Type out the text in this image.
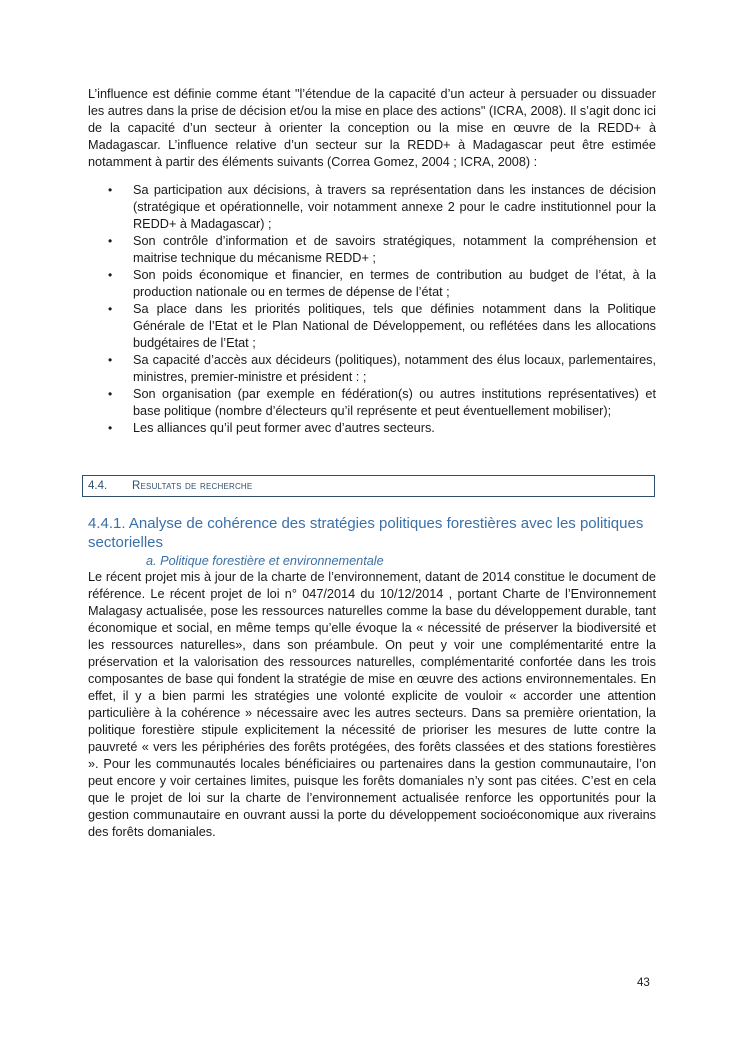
L’influence est définie comme étant "l’étendue de la capacité d’un acteur à persuader ou dissuader les autres dans la prise de décision et/ou la mise en place des actions" (ICRA, 2008). Il s’agit donc ici de la capacité d’un secteur à orienter la conception ou la mise en œuvre de la REDD+ à Madagascar. L’influence relative d’un secteur sur la REDD+ à Madagascar peut être estimée notamment à partir des éléments suivants (Correa Gomez, 2004 ; ICRA, 2008) :

• Sa participation aux décisions, à travers sa représentation dans les instances de décision (stratégique et opérationnelle, voir notamment annexe 2 pour le cadre institutionnel pour la REDD+ à Madagascar) ;
• Son contrôle d’information et de savoirs stratégiques, notamment la compréhension et maitrise technique du mécanisme REDD+ ;
• Son poids économique et financier, en termes de contribution au budget de l’état, à la production nationale ou en termes de dépense de l’état ;
• Sa place dans les priorités politiques, tels que définies notamment dans la Politique Générale de l’Etat et le Plan National de Développement, ou reflétées dans les allocations budgétaires de l’Etat ;
• Sa capacité d’accès aux décideurs (politiques), notamment des élus locaux, parlementaires, ministres, premier-ministre et président : ;
• Son organisation (par exemple en fédération(s) ou autres institutions représentatives) et base politique (nombre d’électeurs qu’il représente et peut éventuellement mobiliser);
• Les alliances qu’il peut former avec d’autres secteurs.
4.4.	Resultats de recherche
4.4.1. Analyse de cohérence des stratégies politiques forestières avec les politiques sectorielles
a. Politique forestière et environnementale

Le récent projet mis à jour de la charte de l’environnement, datant de 2014 constitue le document de référence. Le récent projet de loi n° 047/2014 du 10/12/2014 , portant Charte de l’Environnement Malagasy actualisée, pose les ressources naturelles comme la base du développement durable, tant économique et social, en même temps qu’elle évoque la « nécessité de préserver la biodiversité et les ressources naturelles», dans son préambule. On peut y voir une complémentarité entre la préservation et la valorisation des ressources naturelles, complémentarité confortée dans les trois composantes de base qui fondent la stratégie de mise en œuvre des actions environnementales. En effet, il y a bien parmi les stratégies une volonté explicite de vouloir « accorder une attention particulière à la cohérence » nécessaire avec les autres secteurs. Dans sa première orientation, la politique forestière stipule explicitement la nécessité de prioriser les mesures de lutte contre la pauvreté « vers les périphéries des forêts protégées, des forêts classées et des stations forestières ». Pour les communautés locales bénéficiaires ou partenaires dans la gestion communautaire, l’on peut encore y voir certaines limites, puisque les forêts domaniales n’y sont pas citées. C’est en cela que le projet de loi sur la charte de l’environnement actualisée renforce les opportunités pour la gestion communautaire en ouvrant aussi la porte du développement socioéconomique aux riverains des forêts domaniales.

43
